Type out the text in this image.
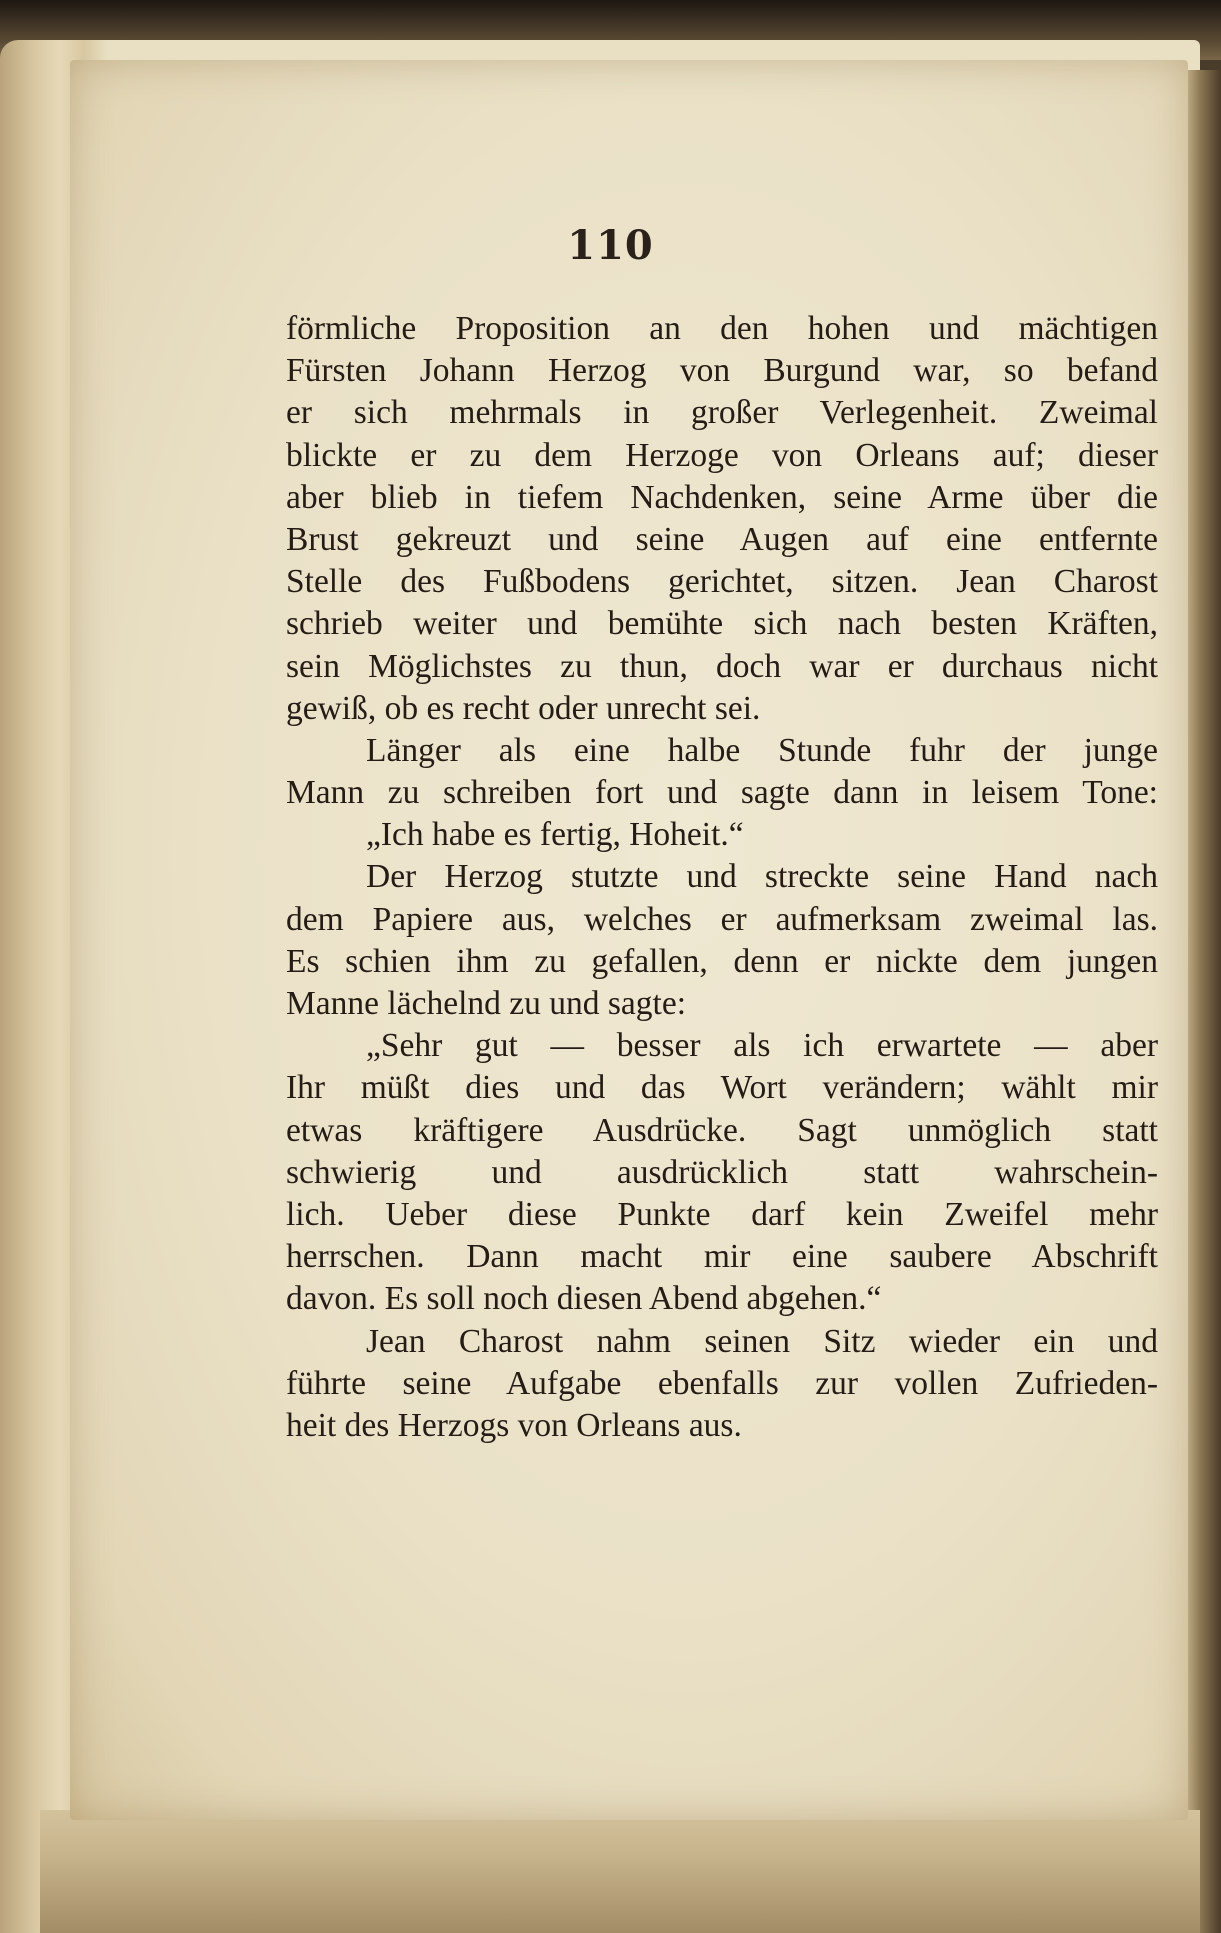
110
förmliche Proposition an den hohen und mächtigen
Fürsten Johann Herzog von Burgund war, so befand
er sich mehrmals in großer Verlegenheit. Zweimal
blickte er zu dem Herzoge von Orleans auf; dieser
aber blieb in tiefem Nachdenken, seine Arme über die
Brust gekreuzt und seine Augen auf eine entfernte
Stelle des Fußbodens gerichtet, sitzen. Jean Charost
schrieb weiter und bemühte sich nach besten Kräften,
sein Möglichstes zu thun, doch war er durchaus nicht
gewiß, ob es recht oder unrecht sei.
Länger als eine halbe Stunde fuhr der junge
Mann zu schreiben fort und sagte dann in leisem Tone:
„Ich habe es fertig, Hoheit.“
Der Herzog stutzte und streckte seine Hand nach
dem Papiere aus, welches er aufmerksam zweimal las.
Es schien ihm zu gefallen, denn er nickte dem jungen
Manne lächelnd zu und sagte:
„Sehr gut — besser als ich erwartete — aber
Ihr müßt dies und das Wort verändern; wählt mir
etwas kräftigere Ausdrücke. Sagt unmöglich statt
schwierig und ausdrücklich statt wahrschein-
lich. Ueber diese Punkte darf kein Zweifel mehr
herrschen. Dann macht mir eine saubere Abschrift
davon. Es soll noch diesen Abend abgehen.“
Jean Charost nahm seinen Sitz wieder ein und
führte seine Aufgabe ebenfalls zur vollen Zufrieden-
heit des Herzogs von Orleans aus.
